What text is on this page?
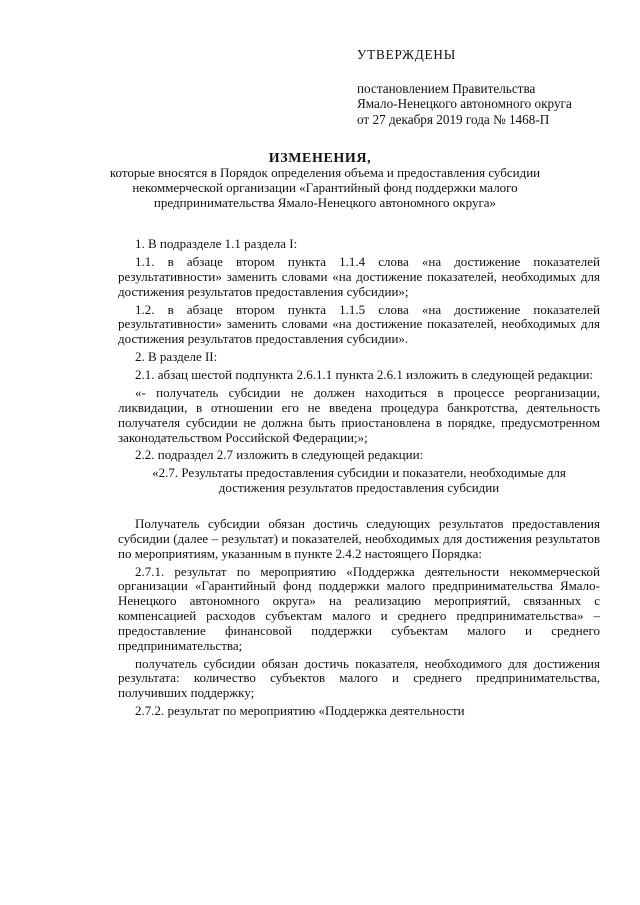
УТВЕРЖДЕНЫ
постановлением Правительства
Ямало-Ненецкого автономного округа
от 27 декабря 2019 года № 1468-П
ИЗМЕНЕНИЯ,
которые вносятся в Порядок определения объема и предоставления субсидии некоммерческой организации «Гарантийный фонд поддержки малого предпринимательства Ямало-Ненецкого автономного округа»

1. В подразделе 1.1 раздела I:

1.1. в абзаце втором пункта 1.1.4 слова «на достижение показателей результативности» заменить словами «на достижение показателей, необходимых для достижения результатов предоставления субсидии»;

1.2. в абзаце втором пункта 1.1.5 слова «на достижение показателей результативности» заменить словами «на достижение показателей, необходимых для достижения результатов предоставления субсидии».

2. В разделе II:

2.1. абзац шестой подпункта 2.6.1.1 пункта 2.6.1 изложить в следующей редакции:

«- получатель субсидии не должен находиться в процессе реорганизации, ликвидации, в отношении его не введена процедура банкротства, деятельность получателя субсидии не должна быть приостановлена в порядке, предусмотренном законодательством Российской Федерации;»;

2.2. подраздел 2.7 изложить в следующей редакции:

«2.7. Результаты предоставления субсидии и показатели, необходимые для достижения результатов предоставления субсидии

Получатель субсидии обязан достичь следующих результатов предоставления субсидии (далее – результат) и показателей, необходимых для достижения результатов по мероприятиям, указанным в пункте 2.4.2 настоящего Порядка:

2.7.1. результат по мероприятию «Поддержка деятельности некоммерческой организации «Гарантийный фонд поддержки малого предпринимательства Ямало-Ненецкого автономного округа» на реализацию мероприятий, связанных с компенсацией расходов субъектам малого и среднего предпринимательства» – предоставление финансовой поддержки субъектам малого и среднего предпринимательства;

получатель субсидии обязан достичь показателя, необходимого для достижения результата: количество субъектов малого и среднего предпринимательства, получивших поддержку;

2.7.2. результат по мероприятию «Поддержка деятельности
